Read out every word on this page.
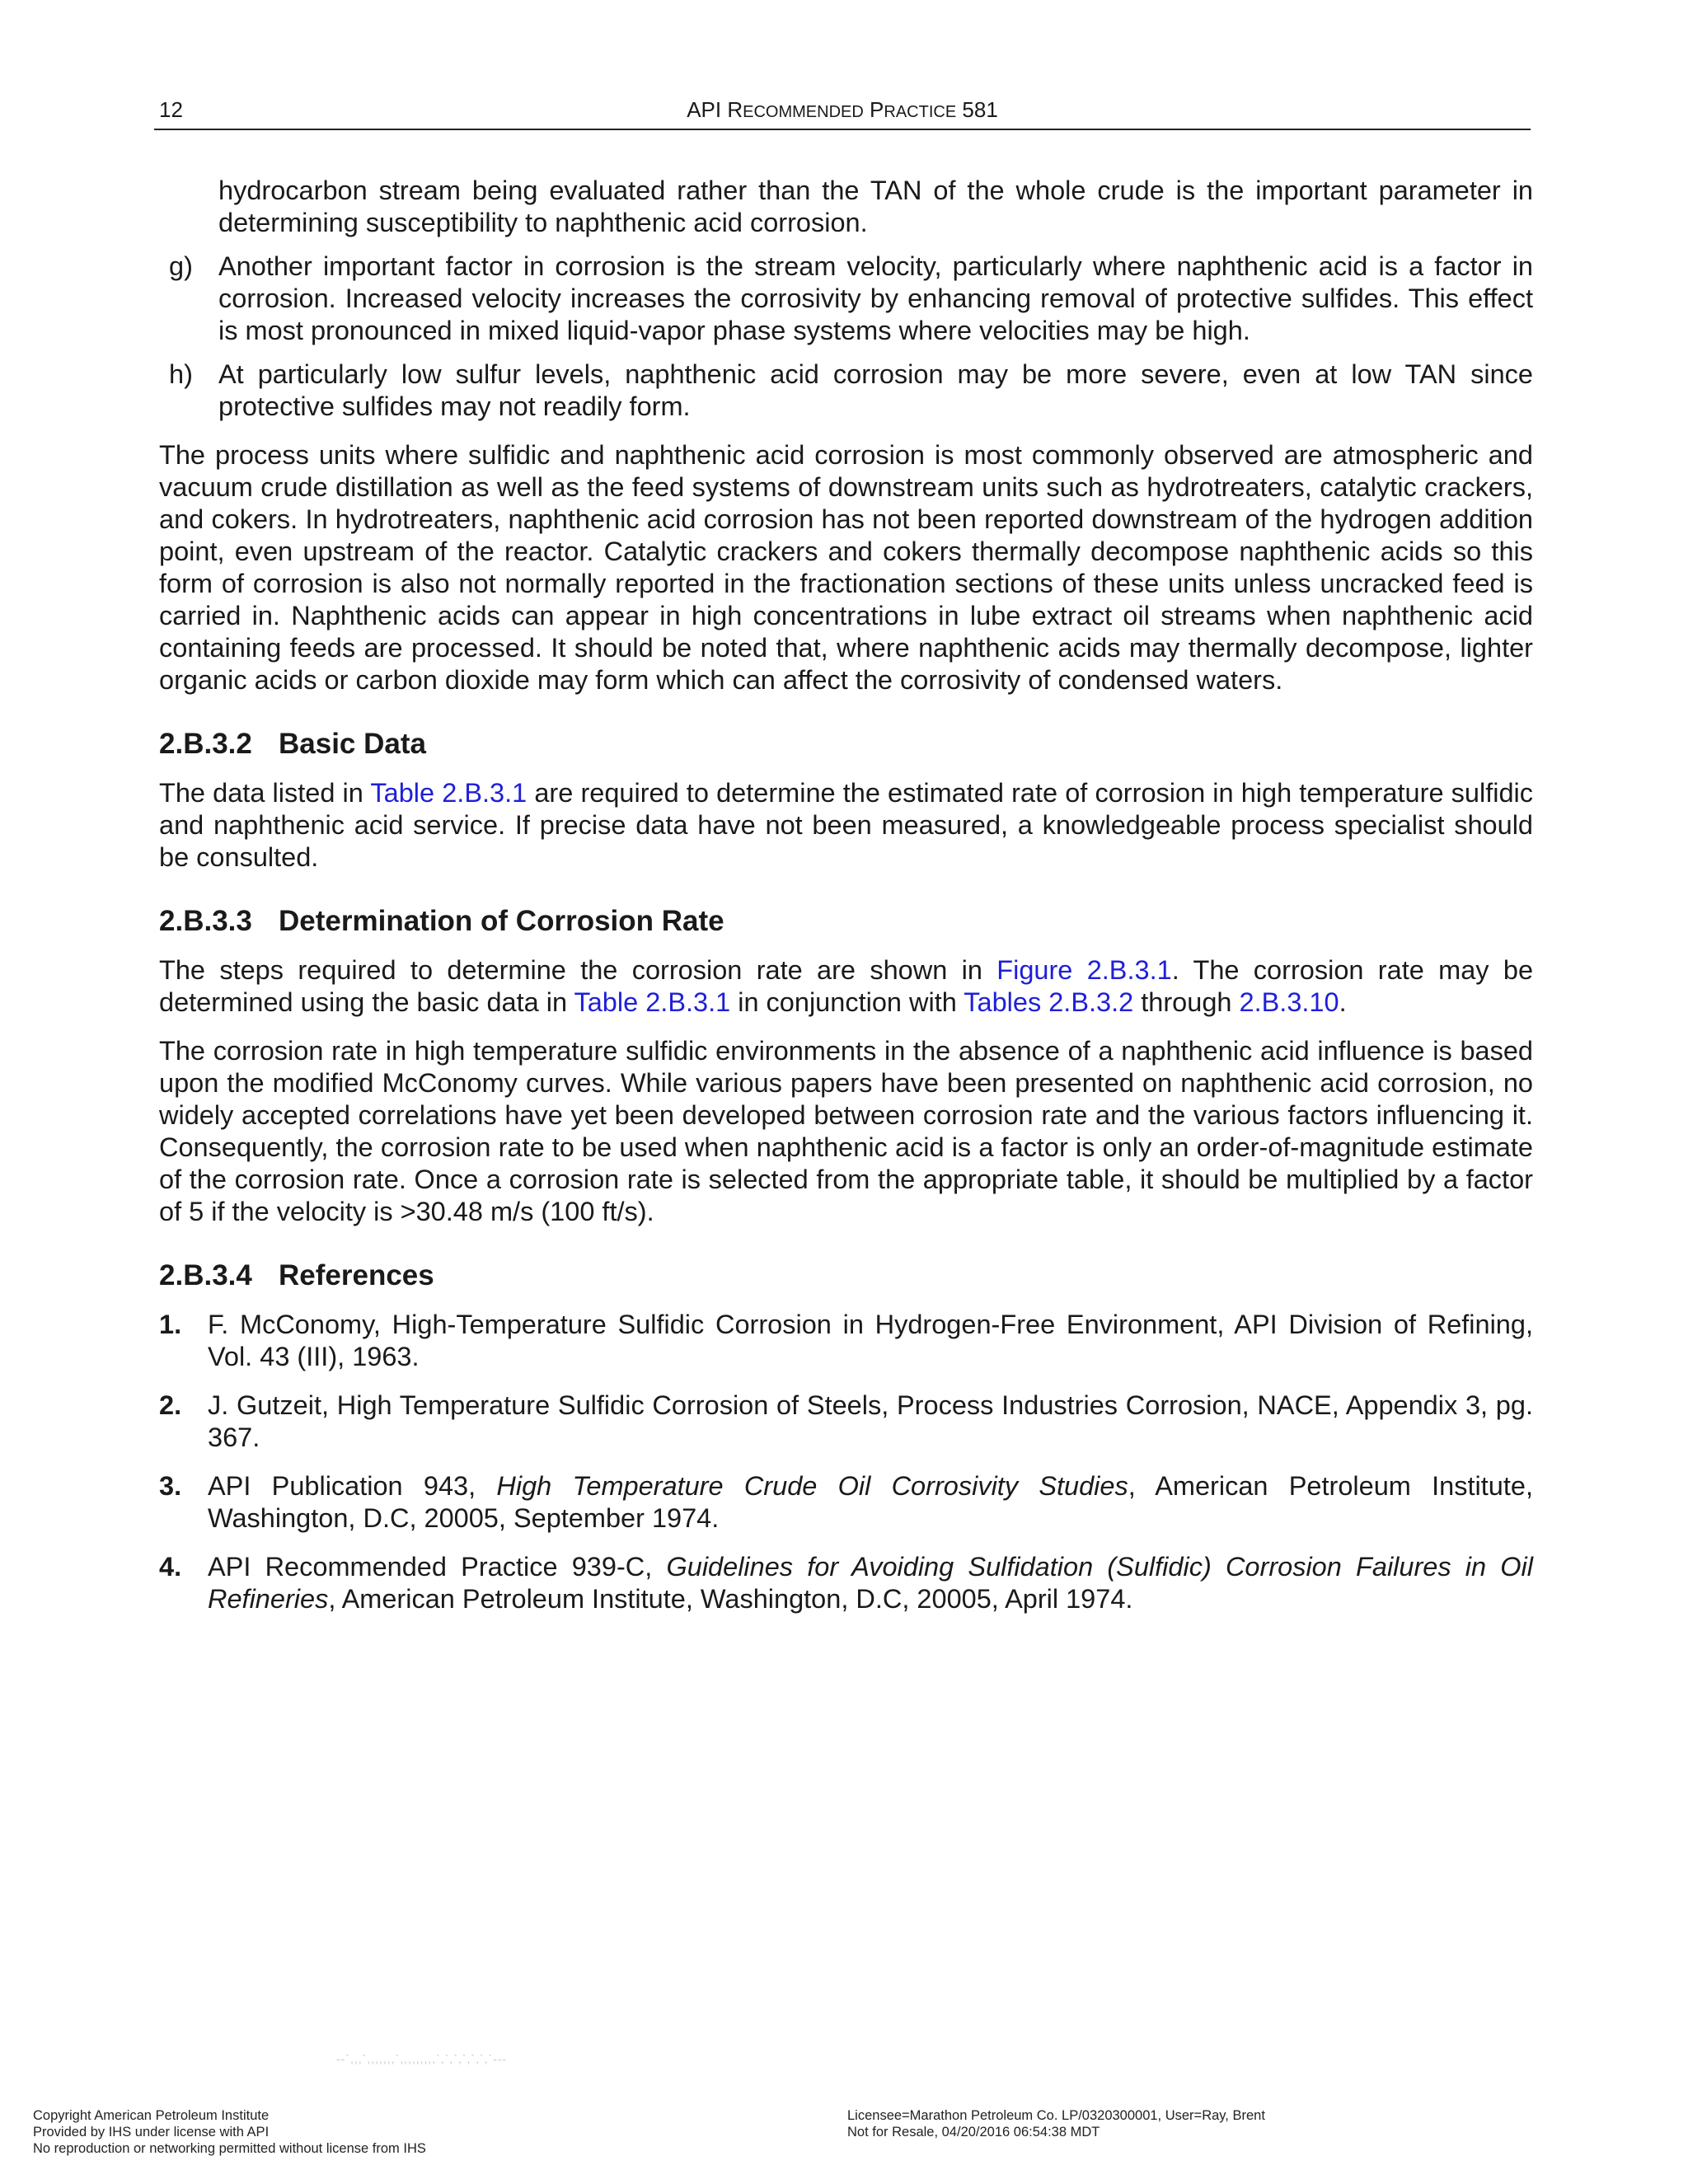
12	API RECOMMENDED PRACTICE 581

hydrocarbon stream being evaluated rather than the TAN of the whole crude is the important parameter in determining susceptibility to naphthenic acid corrosion.

g) Another important factor in corrosion is the stream velocity, particularly where naphthenic acid is a factor in corrosion. Increased velocity increases the corrosivity by enhancing removal of protective sulfides. This effect is most pronounced in mixed liquid-vapor phase systems where velocities may be high.

h) At particularly low sulfur levels, naphthenic acid corrosion may be more severe, even at low TAN since protective sulfides may not readily form.

The process units where sulfidic and naphthenic acid corrosion is most commonly observed are atmospheric and vacuum crude distillation as well as the feed systems of downstream units such as hydrotreaters, catalytic crackers, and cokers. In hydrotreaters, naphthenic acid corrosion has not been reported downstream of the hydrogen addition point, even upstream of the reactor. Catalytic crackers and cokers thermally decompose naphthenic acids so this form of corrosion is also not normally reported in the fractionation sections of these units unless uncracked feed is carried in. Naphthenic acids can appear in high concentrations in lube extract oil streams when naphthenic acid containing feeds are processed. It should be noted that, where naphthenic acids may thermally decompose, lighter organic acids or carbon dioxide may form which can affect the corrosivity of condensed waters.

2.B.3.2 Basic Data

The data listed in Table 2.B.3.1 are required to determine the estimated rate of corrosion in high temperature sulfidic and naphthenic acid service. If precise data have not been measured, a knowledgeable process specialist should be consulted.

2.B.3.3 Determination of Corrosion Rate

The steps required to determine the corrosion rate are shown in Figure 2.B.3.1. The corrosion rate may be determined using the basic data in Table 2.B.3.1 in conjunction with Tables 2.B.3.2 through 2.B.3.10.

The corrosion rate in high temperature sulfidic environments in the absence of a naphthenic acid influence is based upon the modified McConomy curves. While various papers have been presented on naphthenic acid corrosion, no widely accepted correlations have yet been developed between corrosion rate and the various factors influencing it. Consequently, the corrosion rate to be used when naphthenic acid is a factor is only an order-of-magnitude estimate of the corrosion rate. Once a corrosion rate is selected from the appropriate table, it should be multiplied by a factor of 5 if the velocity is >30.48 m/s (100 ft/s).

2.B.3.4 References
1. F. McConomy, High-Temperature Sulfidic Corrosion in Hydrogen-Free Environment, API Division of Refining, Vol. 43 (III), 1963.

2. J. Gutzeit, High Temperature Sulfidic Corrosion of Steels, Process Industries Corrosion, NACE, Appendix 3, pg. 367.

3. API Publication 943, High Temperature Crude Oil Corrosivity Studies, American Petroleum Institute, Washington, D.C, 20005, September 1974.

4. API Recommended Practice 939-C, Guidelines for Avoiding Sulfidation (Sulfidic) Corrosion Failures in Oil Refineries, American Petroleum Institute, Washington, D.C, 20005, April 1974.

--`,,,`,,,,,,,`,,,,,,,,,`,`,`,`,`,`,`---
Copyright American Petroleum Institute
Provided by IHS under license with API
No reproduction or networking permitted without license from IHS
Licensee=Marathon Petroleum Co. LP/0320300001, User=Ray, Brent
Not for Resale, 04/20/2016 06:54:38 MDT
